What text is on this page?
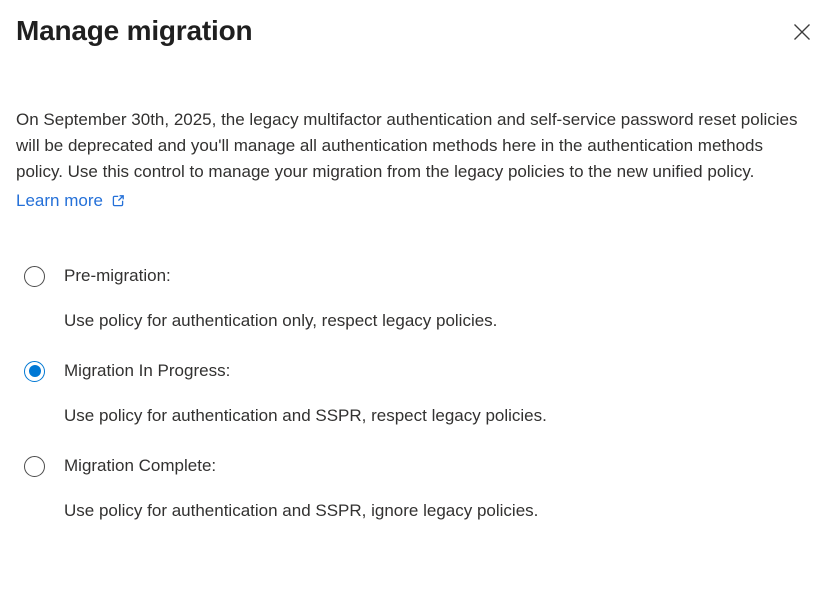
Manage migration

On September 30th, 2025, the legacy multifactor authentication and self-service password reset policies will be deprecated and you'll manage all authentication methods here in the authentication methods policy. Use this control to manage your migration from the legacy policies to the new unified policy.

Learn more
Pre-migration:
Use policy for authentication only, respect legacy policies.
Migration In Progress:
Use policy for authentication and SSPR, respect legacy policies.
Migration Complete:
Use policy for authentication and SSPR, ignore legacy policies.
